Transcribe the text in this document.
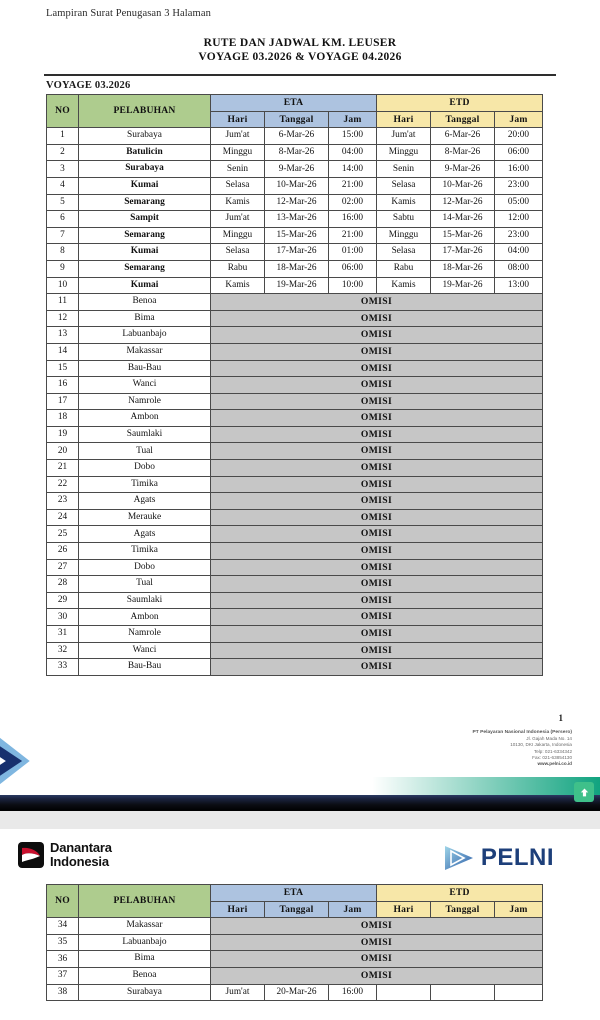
Lampiran Surat Penugasan 3 Halaman
RUTE DAN JADWAL KM. LEUSER
VOYAGE 03.2026 & VOYAGE 04.2026
VOYAGE 03.2026
NO	PELABUHAN	ETA			ETD		
		Hari	Tanggal	Jam	Hari	Tanggal	Jam
1	Surabaya	Jum'at	6-Mar-26	15:00	Jum'at	6-Mar-26	20:00
2	Batulicin	Minggu	8-Mar-26	04:00	Minggu	8-Mar-26	06:00
3	Surabaya	Senin	9-Mar-26	14:00	Senin	9-Mar-26	16:00
4	Kumai	Selasa	10-Mar-26	21:00	Selasa	10-Mar-26	23:00
5	Semarang	Kamis	12-Mar-26	02:00	Kamis	12-Mar-26	05:00
6	Sampit	Jum'at	13-Mar-26	16:00	Sabtu	14-Mar-26	12:00
7	Semarang	Minggu	15-Mar-26	21:00	Minggu	15-Mar-26	23:00
8	Kumai	Selasa	17-Mar-26	01:00	Selasa	17-Mar-26	04:00
9	Semarang	Rabu	18-Mar-26	06:00	Rabu	18-Mar-26	08:00
10	Kumai	Kamis	19-Mar-26	10:00	Kamis	19-Mar-26	13:00
11	Benoa	OMISI					
12	Bima	OMISI					
13	Labuanbajo	OMISI					
14	Makassar	OMISI					
15	Bau-Bau	OMISI					
16	Wanci	OMISI					
17	Namrole	OMISI					
18	Ambon	OMISI					
19	Saumlaki	OMISI					
20	Tual	OMISI					
21	Dobo	OMISI					
22	Timika	OMISI					
23	Agats	OMISI					
24	Merauke	OMISI					
25	Agats	OMISI					
26	Timika	OMISI					
27	Dobo	OMISI					
28	Tual	OMISI					
29	Saumlaki	OMISI					
30	Ambon	OMISI					
31	Namrole	OMISI					
32	Wanci	OMISI					
33	Bau-Bau	OMISI					
1
PT Pelayaran Nasional Indonesia (Persero)
Jl. Gajah Mada No. 14
10130, DKI Jakarta, Indonesia
Telp: 021-6334342
Fax: 021-63854130
www.pelni.co.id
Danantara
Indonesia	PELNI
NO	PELABUHAN	ETA			ETD		
		Hari	Tanggal	Jam	Hari	Tanggal	Jam
34	Makassar	OMISI					
35	Labuanbajo	OMISI					
36	Bima	OMISI					
37	Benoa	OMISI					
38	Surabaya	Jum'at	20-Mar-26	16:00			
